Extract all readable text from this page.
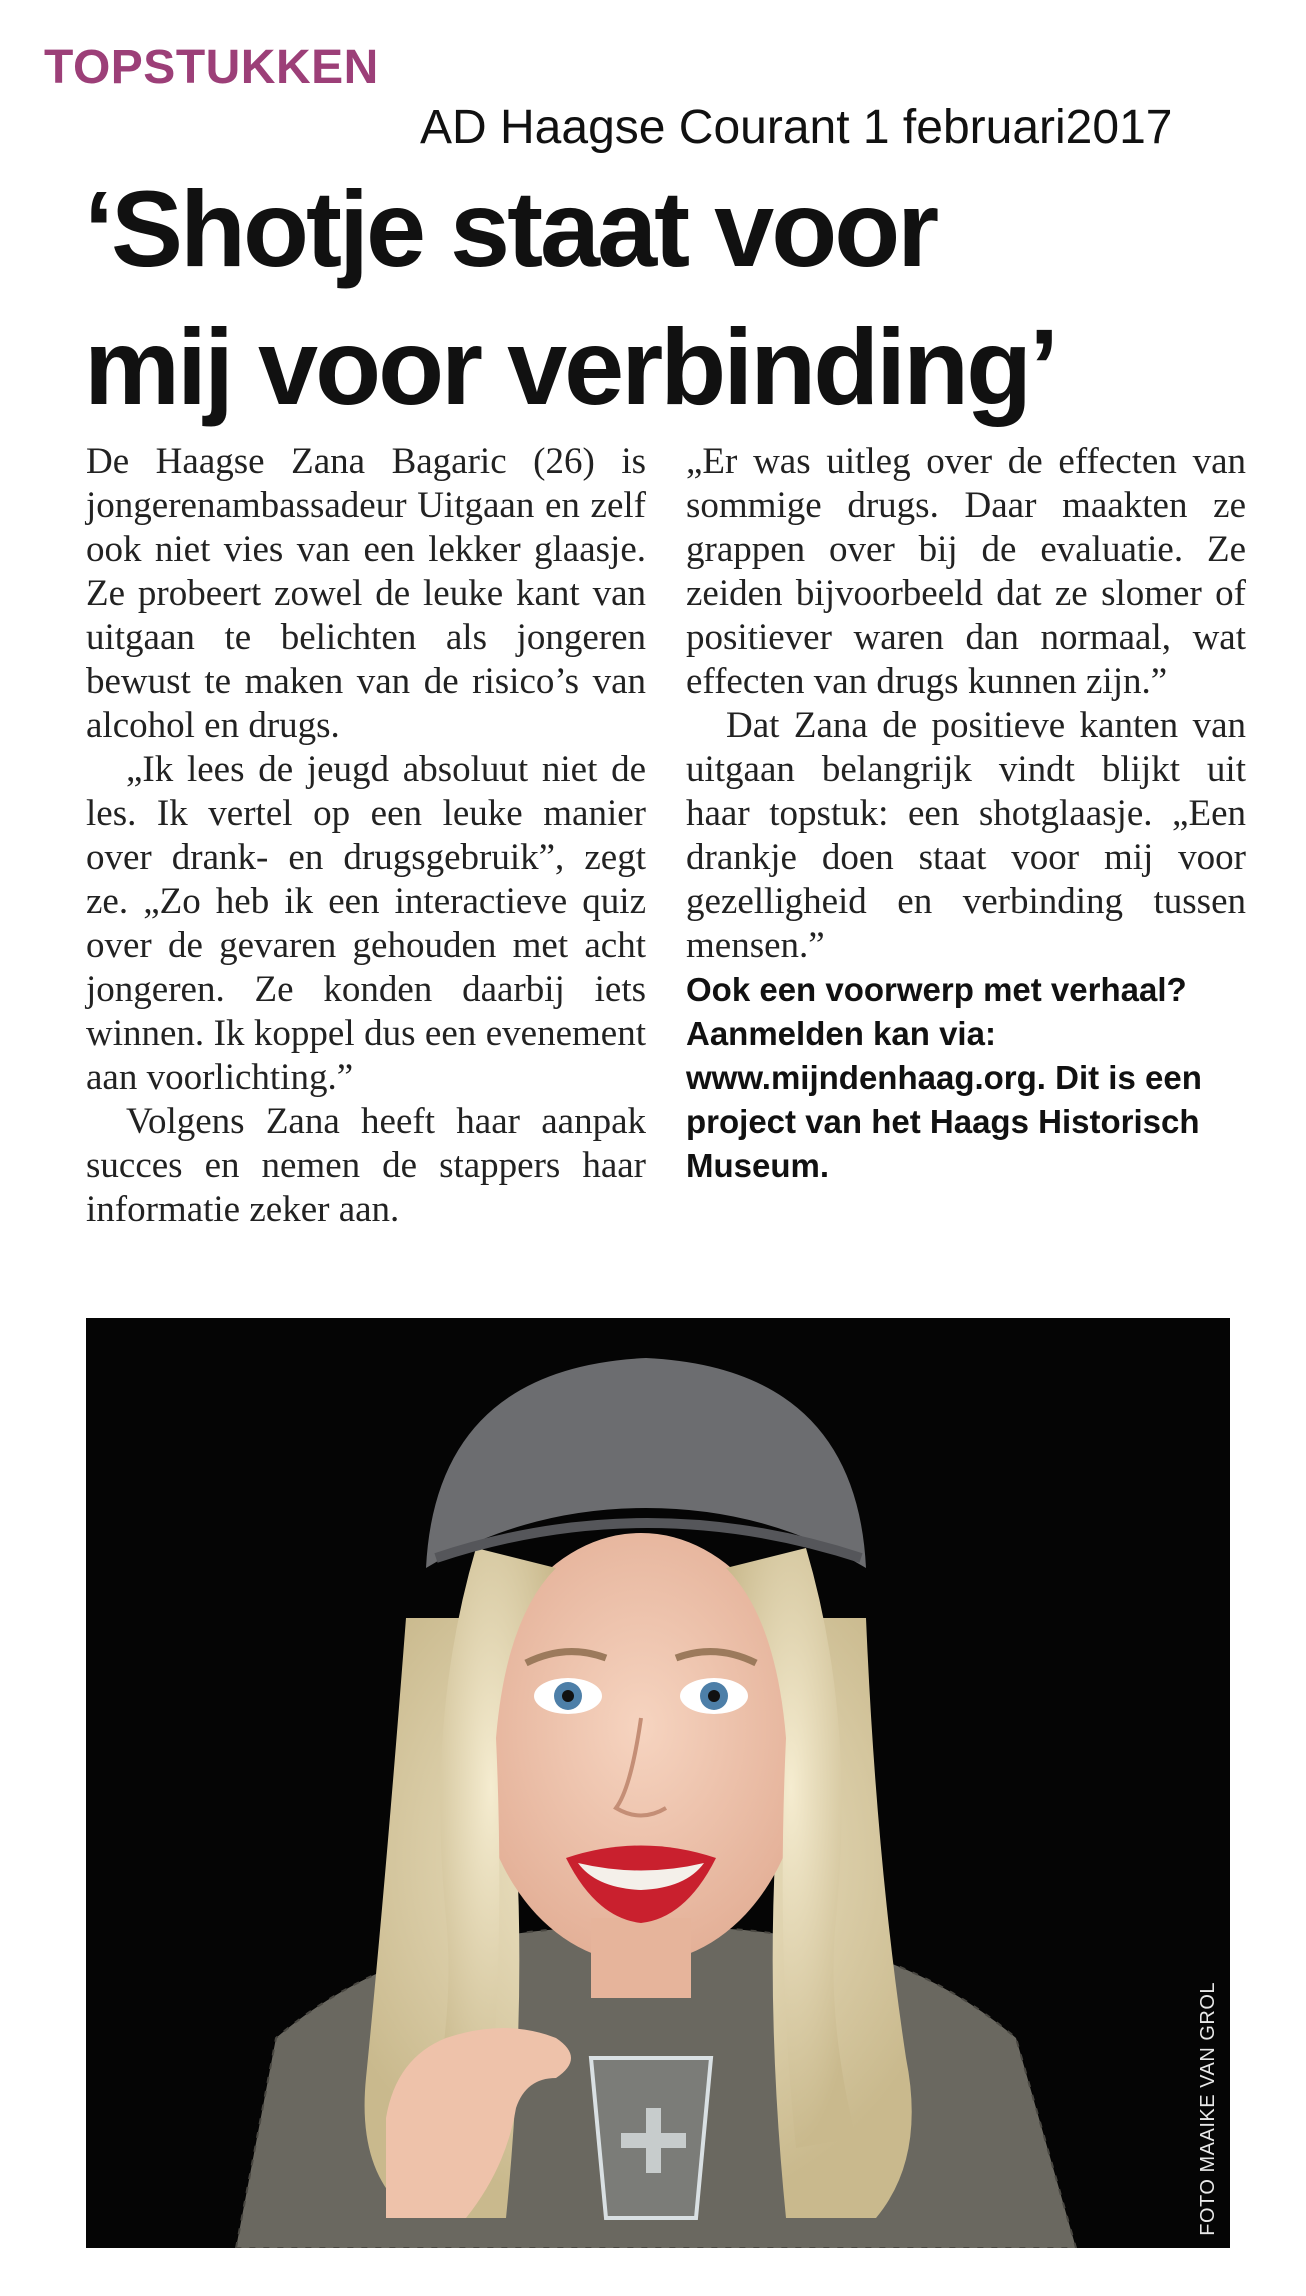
TOPSTUKKEN
AD Haagse Courant 1 februari2017
‘Shotje staat voor
mij voor verbinding’

De Haagse Zana Bagaric (26) is jongerenambassadeur Uitgaan en zelf ook niet vies van een lekker glaasje. Ze probeert zowel de leuke kant van uitgaan te belichten als jongeren bewust te maken van de risico’s van alcohol en drugs.

„Ik lees de jeugd absoluut niet de les. Ik vertel op een leuke manier over drank- en drugsgebruik”, zegt ze. „Zo heb ik een interactieve quiz over de gevaren gehouden met acht jongeren. Ze konden daarbij iets winnen. Ik koppel dus een evenement aan voorlichting.”

Volgens Zana heeft haar aanpak succes en nemen de stappers haar informatie zeker aan.

„Er was uitleg over de effecten van sommige drugs. Daar maakten ze grappen over bij de evaluatie. Ze zeiden bijvoorbeeld dat ze slomer of positiever waren dan normaal, wat effecten van drugs kunnen zijn.”

Dat Zana de positieve kanten van uitgaan belangrijk vindt blijkt uit haar topstuk: een shotglaasje. „Een drankje doen staat voor mij voor gezelligheid en verbinding tussen mensen.”

Ook een voorwerp met verhaal? Aanmelden kan via: www.mijndenhaag.org. Dit is een project van het Haags Historisch Museum.

FOTO MAAIKE VAN GROL
